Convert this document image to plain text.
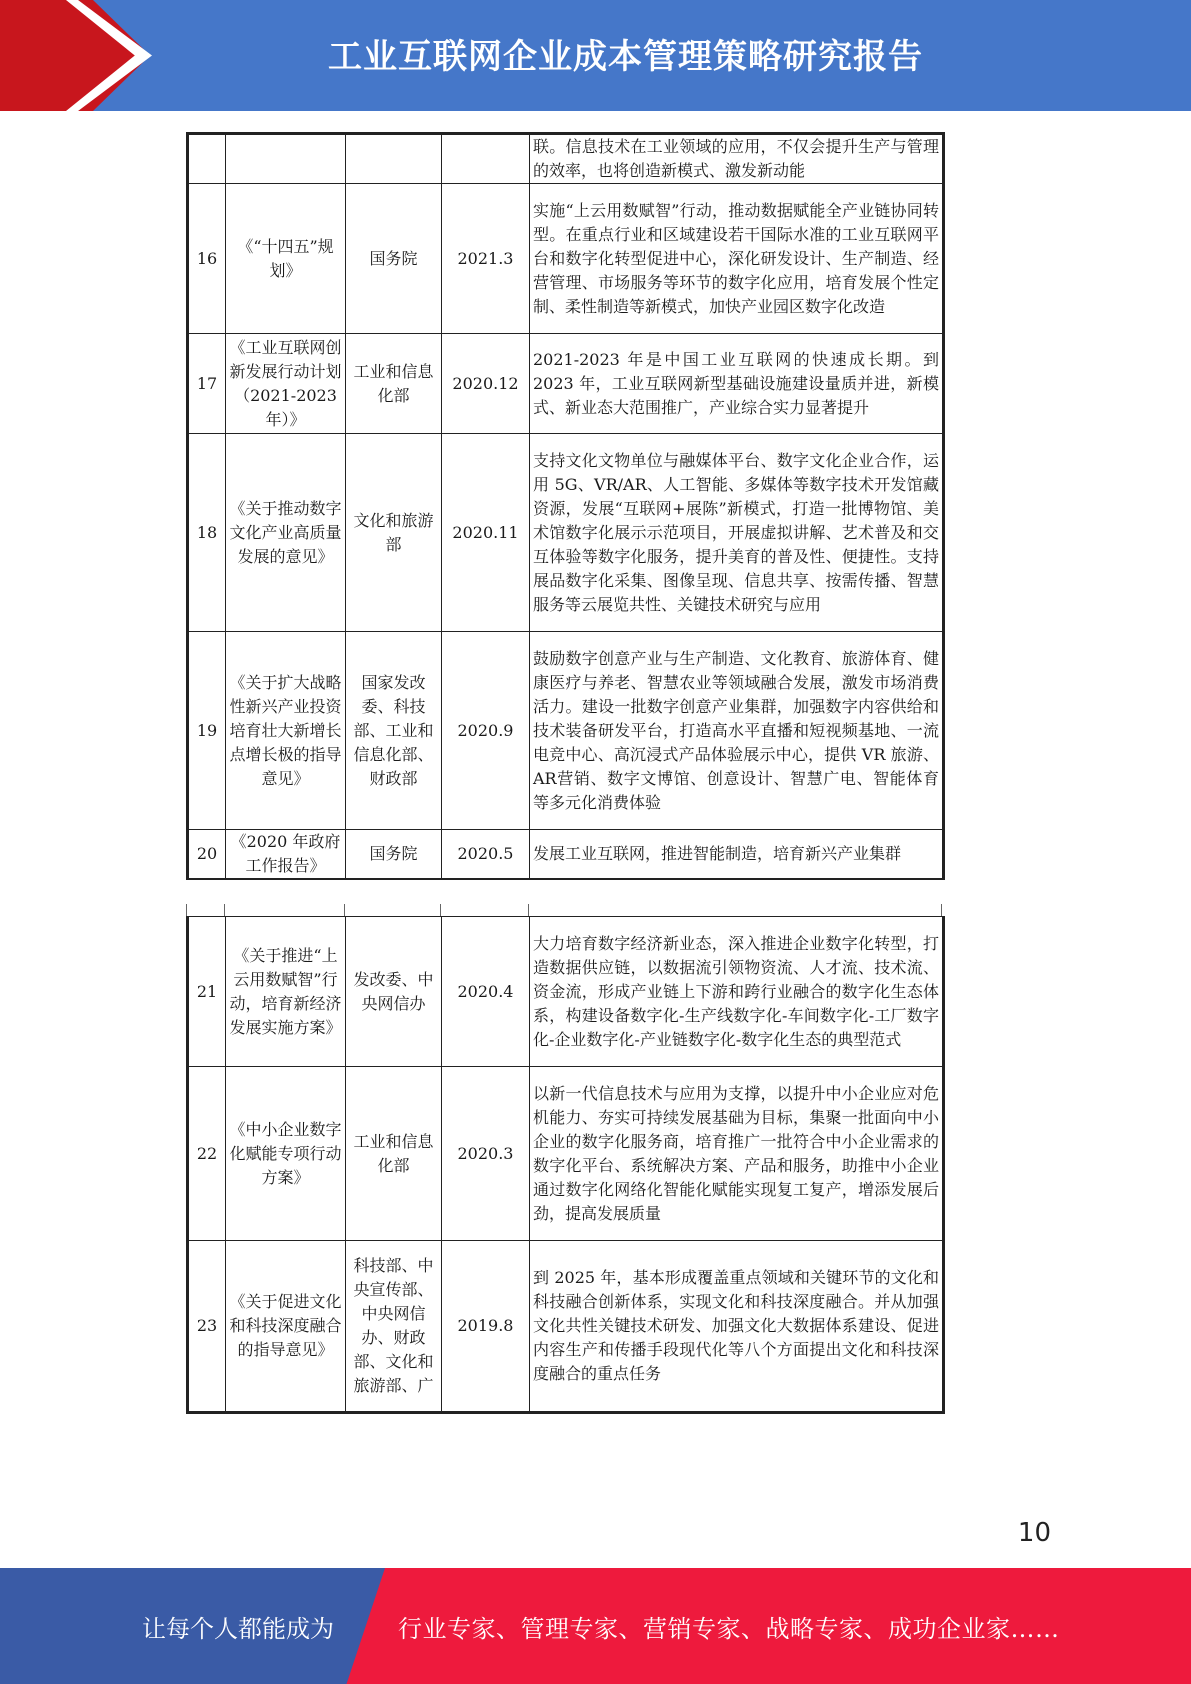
工业互联网企业成本管理策略研究报告
				联。信息技术在工业领域的应用，不仅会提升生产与管理的效率，也将创造新模式、激发新动能
16	《“十四五”规划》	国务院	2021.3	实施“上云用数赋智”行动，推动数据赋能全产业链协同转型。在重点行业和区域建设若干国际水准的工业互联网平台和数字化转型促进中心，深化研发设计、生产制造、经营管理、市场服务等环节的数字化应用，培育发展个性定制、柔性制造等新模式，加快产业园区数字化改造
17	《工业互联网创新发展行动计划（2021-2023 年）》	工业和信息化部	2020.12	2021-2023 年是中国工业互联网的快速成长期。到 2023 年，工业互联网新型基础设施建设量质并进，新模式、新业态大范围推广，产业综合实力显著提升
18	《关于推动数字文化产业高质量发展的意见》	文化和旅游部	2020.11	支持文化文物单位与融媒体平台、数字文化企业合作，运用 5G、VR/AR、人工智能、多媒体等数字技术开发馆藏资源，发展“互联网+展陈”新模式，打造一批博物馆、美术馆数字化展示示范项目，开展虚拟讲解、艺术普及和交互体验等数字化服务，提升美育的普及性、便捷性。支持展品数字化采集、图像呈现、信息共享、按需传播、智慧服务等云展览共性、关键技术研究与应用
19	《关于扩大战略性新兴产业投资培育壮大新增长点增长极的指导意见》	国家发改委、科技部、工业和信息化部、财政部	2020.9	鼓励数字创意产业与生产制造、文化教育、旅游体育、健康医疗与养老、智慧农业等领域融合发展，激发市场消费活力。建设一批数字创意产业集群，加强数字内容供给和技术装备研发平台，打造高水平直播和短视频基地、一流电竞中心、高沉浸式产品体验展示中心，提供 VR 旅游、AR营销、数字文博馆、创意设计、智慧广电、智能体育等多元化消费体验
20	《2020 年政府工作报告》	国务院	2020.5	发展工业互联网，推进智能制造，培育新兴产业集群
21	《关于推进“上云用数赋智”行动，培育新经济发展实施方案》	发改委、中央网信办	2020.4	大力培育数字经济新业态，深入推进企业数字化转型，打造数据供应链，以数据流引领物资流、人才流、技术流、资金流，形成产业链上下游和跨行业融合的数字化生态体系，构建设备数字化-生产线数字化-车间数字化-工厂数字化-企业数字化-产业链数字化-数字化生态的典型范式
22	《中小企业数字化赋能专项行动方案》	工业和信息化部	2020.3	以新一代信息技术与应用为支撑，以提升中小企业应对危机能力、夯实可持续发展基础为目标，集聚一批面向中小企业的数字化服务商，培育推广一批符合中小企业需求的数字化平台、系统解决方案、产品和服务，助推中小企业通过数字化网络化智能化赋能实现复工复产，增添发展后劲，提高发展质量
23	《关于促进文化和科技深度融合的指导意见》	科技部、中央宣传部、中央网信办、财政部、文化和旅游部、广	2019.8	到 2025 年，基本形成覆盖重点领域和关键环节的文化和科技融合创新体系，实现文化和科技深度融合。并从加强文化共性关键技术研发、加强文化大数据体系建设、促进内容生产和传播手段现代化等八个方面提出文化和科技深度融合的重点任务
10
让每个人都能成为	行业专家、管理专家、营销专家、战略专家、成功企业家……
